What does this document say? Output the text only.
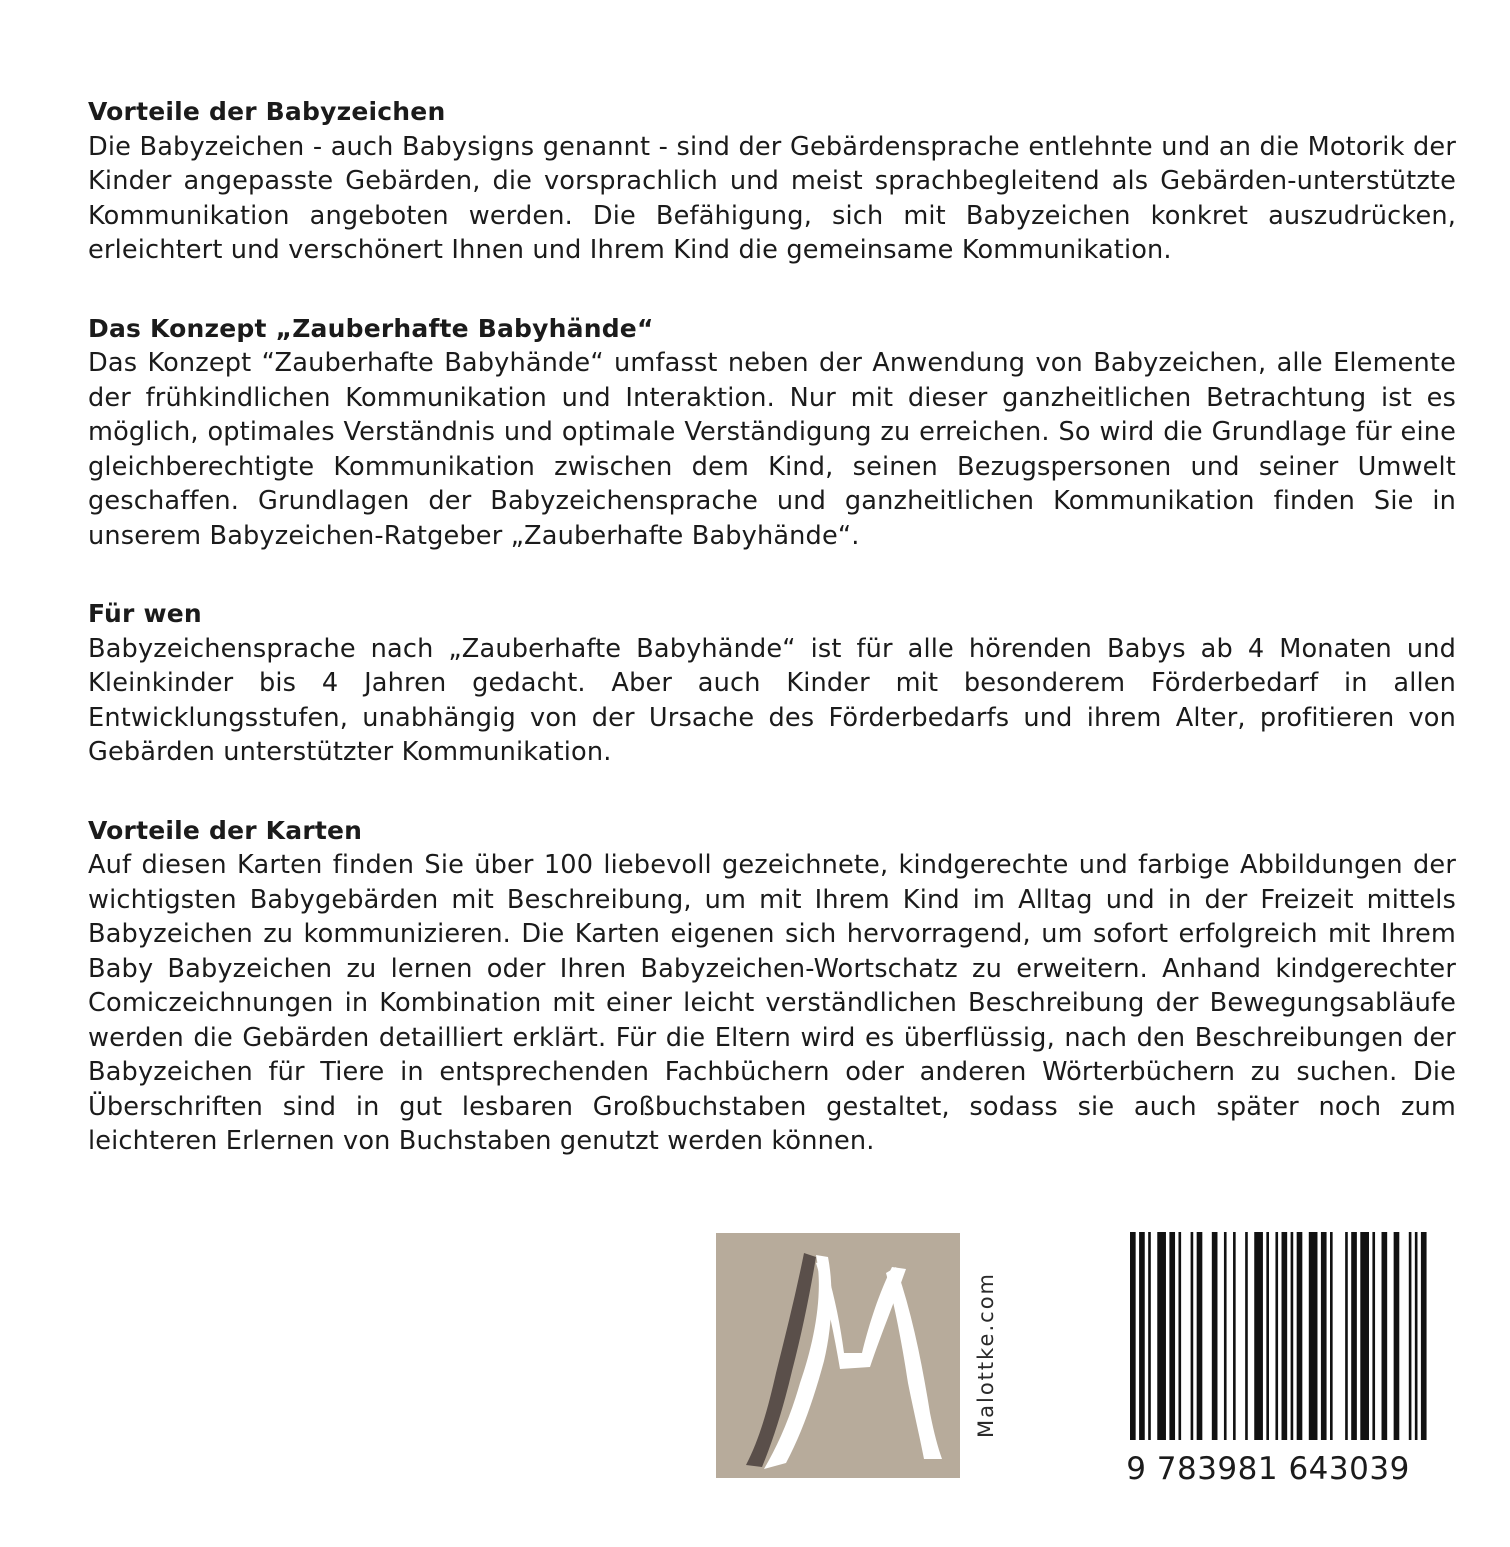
Vorteile der Babyzeichen

Die Babyzeichen - auch Babysigns genannt - sind der Gebärdensprache entlehnte und an die Motorik der Kinder angepasste Gebärden, die vorsprachlich und meist sprachbegleitend als Gebärden-unterstützte Kommunikation angeboten werden. Die Befähigung, sich mit Babyzeichen konkret auszudrücken, erleichtert und verschönert Ihnen und Ihrem Kind die gemeinsame Kommunikation.

Das Konzept „Zauberhafte Babyhände“

Das Konzept “Zauberhafte Babyhände“ umfasst neben der Anwendung von Babyzeichen, alle Elemente der frühkindlichen Kommunikation und Interaktion. Nur mit dieser ganzheitlichen Betrachtung ist es möglich, optimales Verständnis und optimale Verständigung zu erreichen. So wird die Grundlage für eine gleichberechtigte Kommunikation zwischen dem Kind, seinen Bezugspersonen und seiner Umwelt geschaffen. Grundlagen der Babyzeichensprache und ganzheitlichen Kommunikation finden Sie in unserem Babyzeichen-Ratgeber „Zauberhafte Babyhände“.

Für wen

Babyzeichensprache nach „Zauberhafte Babyhände“ ist für alle hörenden Babys ab 4 Monaten und Kleinkinder bis 4 Jahren gedacht. Aber auch Kinder mit besonderem Förderbedarf in allen Entwicklungsstufen, unabhängig von der Ursache des Förderbedarfs und ihrem Alter, profitieren von Gebärden unterstützter Kommunikation.

Vorteile der Karten

Auf diesen Karten finden Sie über 100 liebevoll gezeichnete, kindgerechte und farbige Abbildungen der wichtigsten Babygebärden mit Beschreibung, um mit Ihrem Kind im Alltag und in der Freizeit mittels Babyzeichen zu kommunizieren. Die Karten eigenen sich hervorragend, um sofort erfolgreich mit Ihrem Baby Babyzeichen zu lernen oder Ihren Babyzeichen-Wortschatz zu erweitern. Anhand kindgerechter Comiczeichnungen in Kombination mit einer leicht verständlichen Beschreibung der Bewegungsabläufe werden die Gebärden detailliert erklärt. Für die Eltern wird es überflüssig, nach den Beschreibungen der Babyzeichen für Tiere in entsprechenden Fachbüchern oder anderen Wörterbüchern zu suchen. Die Überschriften sind in gut lesbaren Großbuchstaben gestaltet, sodass sie auch später noch zum leichteren Erlernen von Buchstaben genutzt werden können.

Malottke.com
9 783981 643039
